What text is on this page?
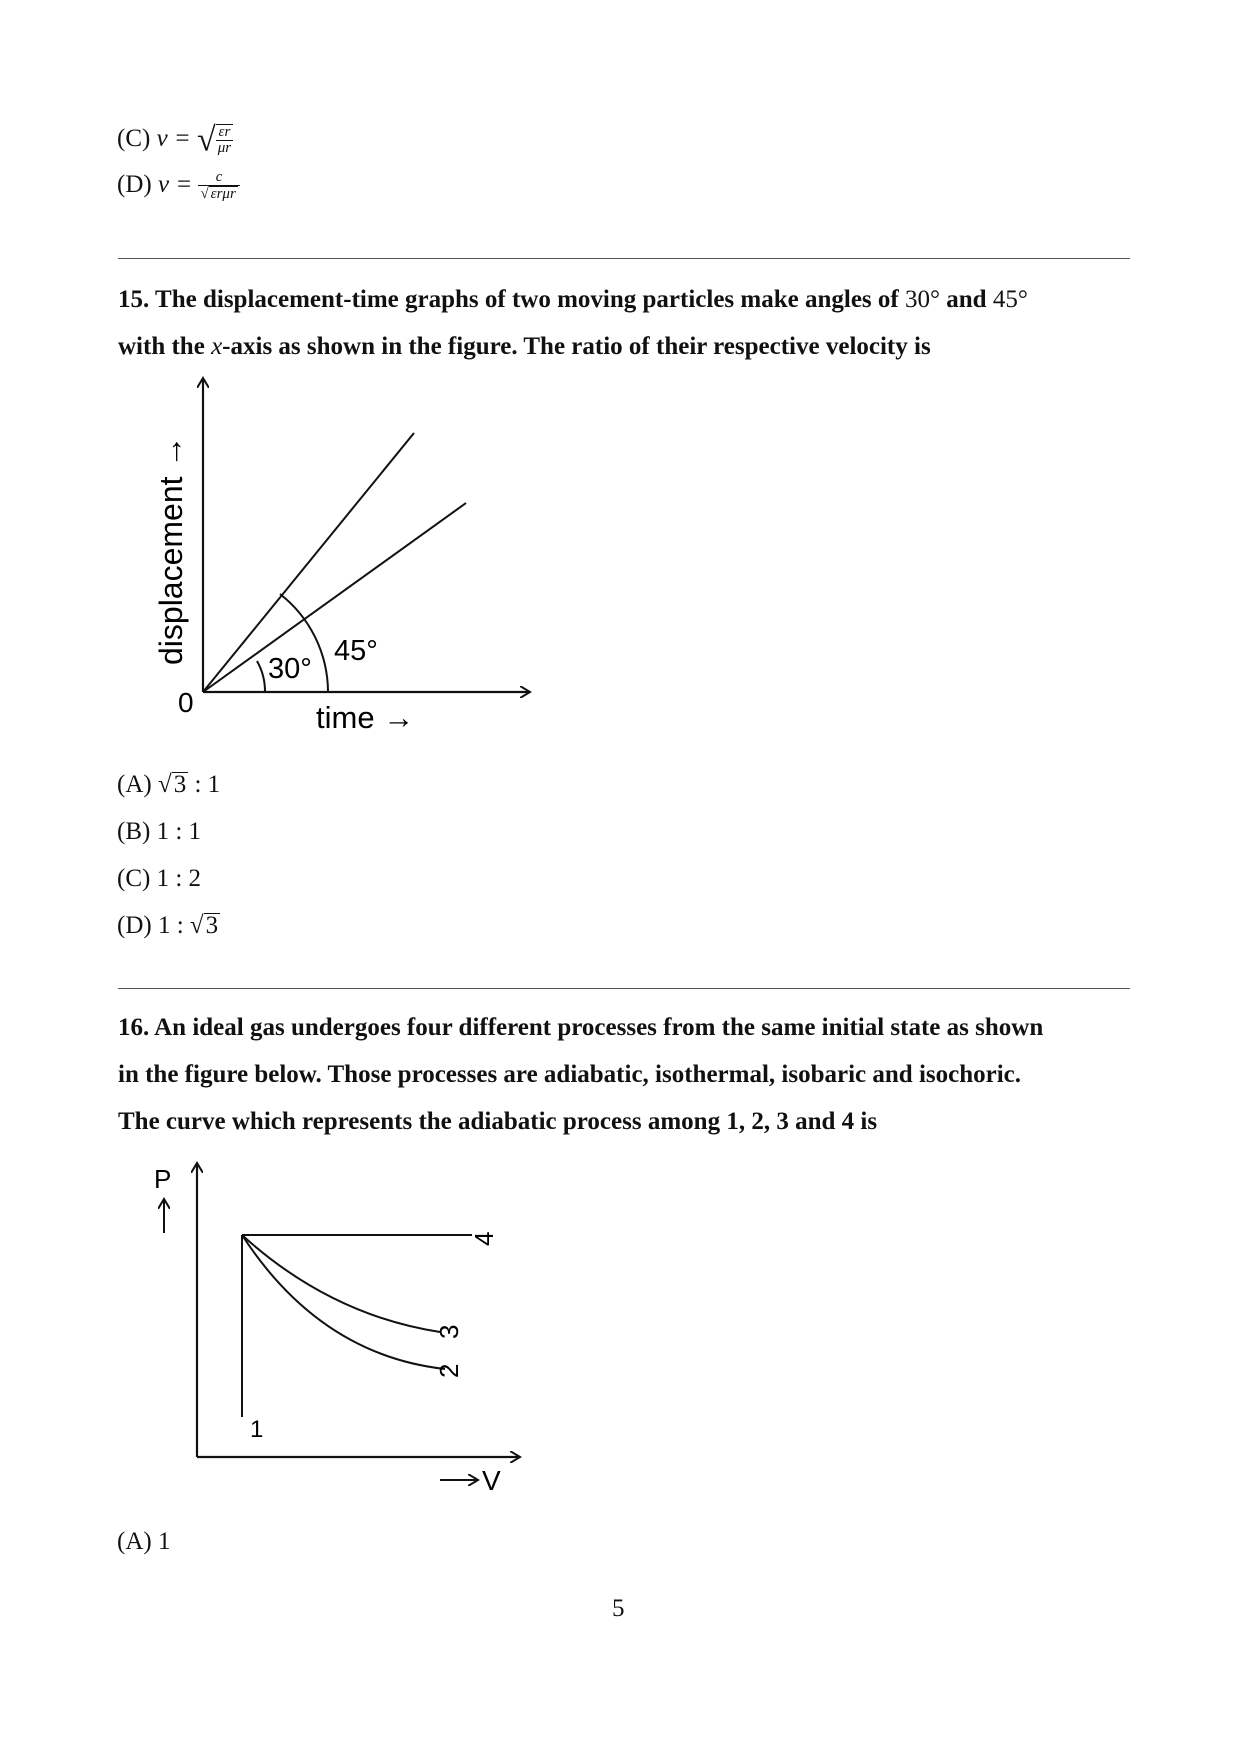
(C) ν = √ $\frac{\varepsilon r}{\mu r}$
(D) $\nu = \frac{c}{\text{√ εrμr}}$
15. The displacement-time graphs of two moving particles make angles of 30° and 45°
with the x-axis as shown in the figure. The ratio of their respective velocity is
30°
45°
0	time →
displacement →
(A) √3 : 1
(B) 1 : 1
(C) 1 : 2
(D) 1 : √3
16. An ideal gas undergoes four different processes from the same initial state as shown
in the figure below. Those processes are adiabatic, isothermal, isobaric and isochoric.
The curve which represents the adiabatic process among 1, 2, 3 and 4 is
1
2
3
4
P
V
(A) 1
5
